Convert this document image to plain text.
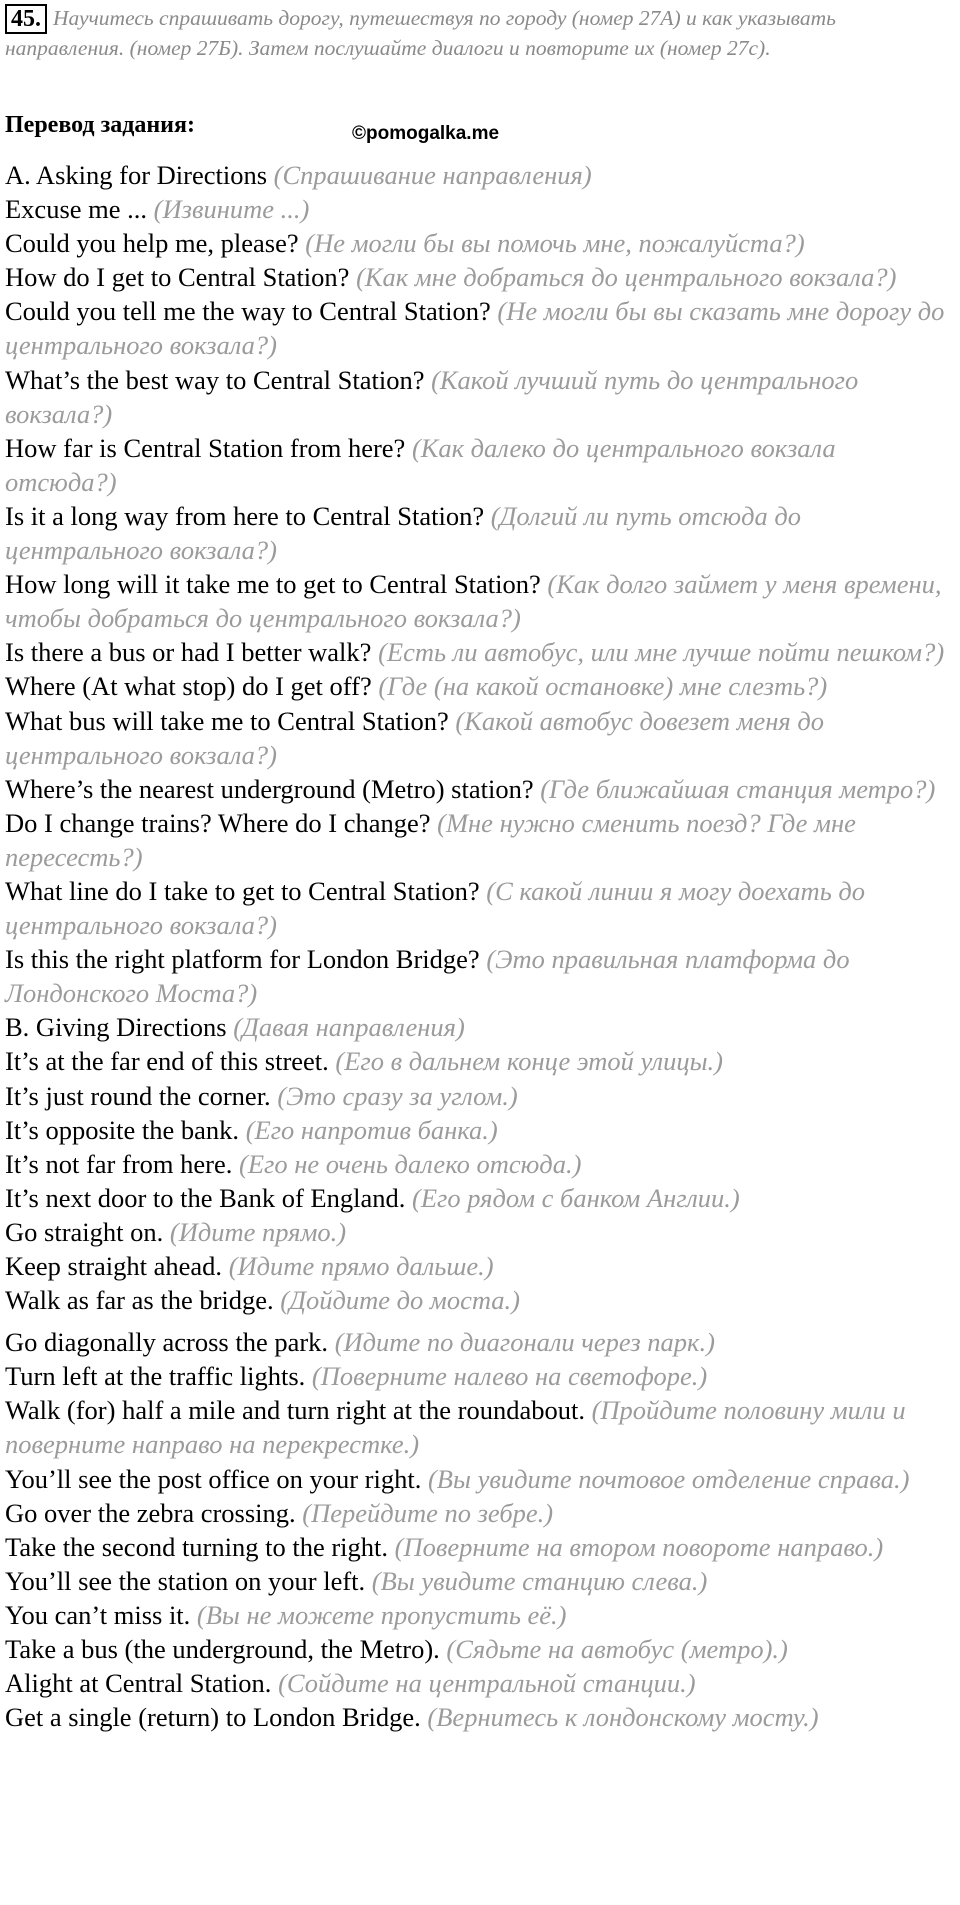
45. Научитесь спрашивать дорогу, путешествуя по городу (номер 27А) и как указывать направления. (номер 27Б). Затем послушайте диалоги и повторите их (номер 27с).
Перевод задания:	©pomogalka.me
A. Asking for Directions (Спрашивание направления)
Excuse me ... (Извините ...)
Could you help me, please? (Не могли бы вы помочь мне, пожалуйста?)
How do I get to Central Station? (Как мне добраться до центрального вокзала?)
Could you tell me the way to Central Station? (Не могли бы вы сказать мне дорогу до центрального вокзала?)
What’s the best way to Central Station? (Какой лучший путь до центрального вокзала?)
How far is Central Station from here? (Как далеко до центрального вокзала отсюда?)
Is it a long way from here to Central Station? (Долгий ли путь отсюда до центрального вокзала?)
How long will it take me to get to Central Station? (Как долго займет у меня времени, чтобы добраться до центрального вокзала?)
Is there a bus or had I better walk? (Есть ли автобус, или мне лучше пойти пешком?)
Where (At what stop) do I get off? (Где (на какой остановке) мне слезть?)
What bus will take me to Central Station? (Какой автобус довезет меня до центрального вокзала?)
Where’s the nearest underground (Metro) station? (Где ближайшая станция метро?)
Do I change trains? Where do I change? (Мне нужно сменить поезд? Где мне пересесть?)
What line do I take to get to Central Station? (С какой линии я могу доехать до центрального вокзала?)
Is this the right platform for London Bridge? (Это правильная платформа до Лондонского Моста?)
B. Giving Directions (Давая направления)
It’s at the far end of this street. (Его в дальнем конце этой улицы.)
It’s just round the corner. (Это сразу за углом.)
It’s opposite the bank. (Его напротив банка.)
It’s not far from here. (Его не очень далеко отсюда.)
It’s next door to the Bank of England. (Его рядом с банком Англии.)
Go straight on. (Идите прямо.)
Keep straight ahead. (Идите прямо дальше.)
Walk as far as the bridge. (Дойдите до моста.)
Go diagonally across the park. (Идите по диагонали через парк.)
Turn left at the traffic lights. (Поверните налево на светофоре.)
Walk (for) half a mile and turn right at the roundabout. (Пройдите половину мили и поверните направо на перекрестке.)
You’ll see the post office on your right. (Вы увидите почтовое отделение справа.)
Go over the zebra crossing. (Перейдите по зебре.)
Take the second turning to the right. (Поверните на втором повороте направо.)
You’ll see the station on your left. (Вы увидите станцию слева.)
You can’t miss it. (Вы не можете пропустить её.)
Take a bus (the underground, the Metro). (Сядьте на автобус (метро).)
Alight at Central Station. (Сойдите на центральной станции.)
Get a single (return) to London Bridge. (Вернитесь к лондонскому мосту.)
